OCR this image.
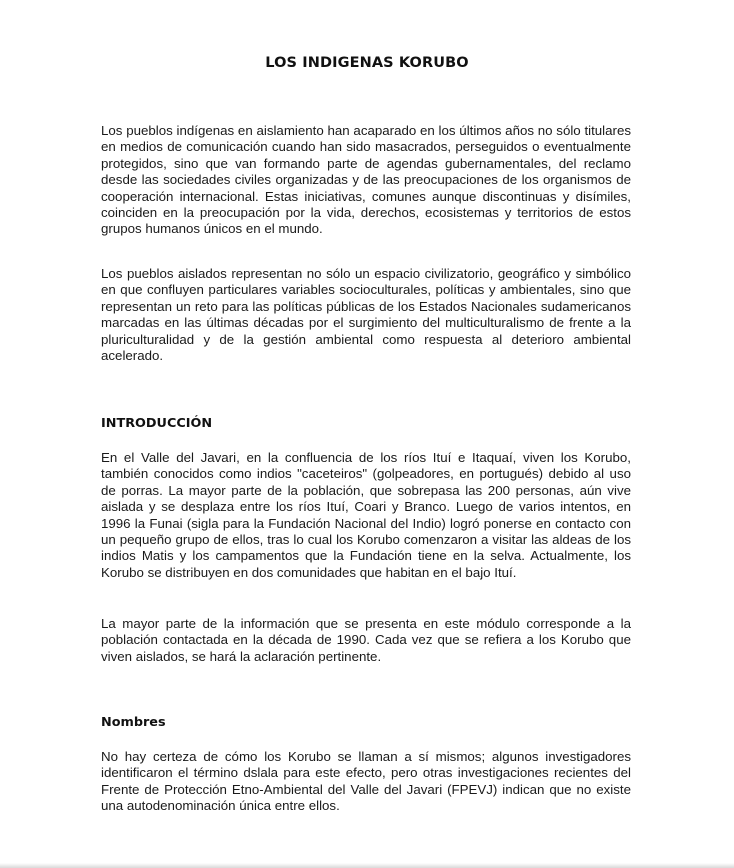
LOS INDIGENAS KORUBO

Los pueblos indígenas en aislamiento han acaparado en los últimos años no sólo titulares en medios de comunicación cuando han sido masacrados, perseguidos o eventualmente protegidos, sino que van formando parte de agendas gubernamentales, del reclamo desde las sociedades civiles organizadas y de las preocupaciones de los organismos de cooperación internacional. Estas iniciativas, comunes aunque discontinuas y disímiles, coinciden en la preocupación por la vida, derechos, ecosistemas y territorios de estos grupos humanos únicos en el mundo.

Los pueblos aislados representan no sólo un espacio civilizatorio, geográfico y simbólico en que confluyen particulares variables socioculturales, políticas y ambientales, sino que representan un reto para las políticas públicas de los Estados Nacionales sudamericanos marcadas en las últimas décadas por el surgimiento del multiculturalismo de frente a la pluriculturalidad y de la gestión ambiental como respuesta al deterioro ambiental acelerado.

INTRODUCCIÓN

En el Valle del Javari, en la confluencia de los ríos Ituí e Itaquaí, viven los Korubo, también conocidos como indios "caceteiros" (golpeadores, en portugués) debido al uso de porras. La mayor parte de la población, que sobrepasa las 200 personas, aún vive aislada y se desplaza entre los ríos Ituí, Coari y Branco. Luego de varios intentos, en 1996 la Funai (sigla para la Fundación Nacional del Indio) logró ponerse en contacto con un pequeño grupo de ellos, tras lo cual los Korubo comenzaron a visitar las aldeas de los indios Matis y los campamentos que la Fundación tiene en la selva. Actualmente, los Korubo se distribuyen en dos comunidades que habitan en el bajo Ituí.

La mayor parte de la información que se presenta en este módulo corresponde a la población contactada en la década de 1990. Cada vez que se refiera a los Korubo que viven aislados, se hará la aclaración pertinente.

Nombres

No hay certeza de cómo los Korubo se llaman a sí mismos; algunos investigadores identificaron el término dslala para este efecto, pero otras investigaciones recientes del Frente de Protección Etno-Ambiental del Valle del Javari (FPEVJ) indican que no existe una autodenominación única entre ellos.
